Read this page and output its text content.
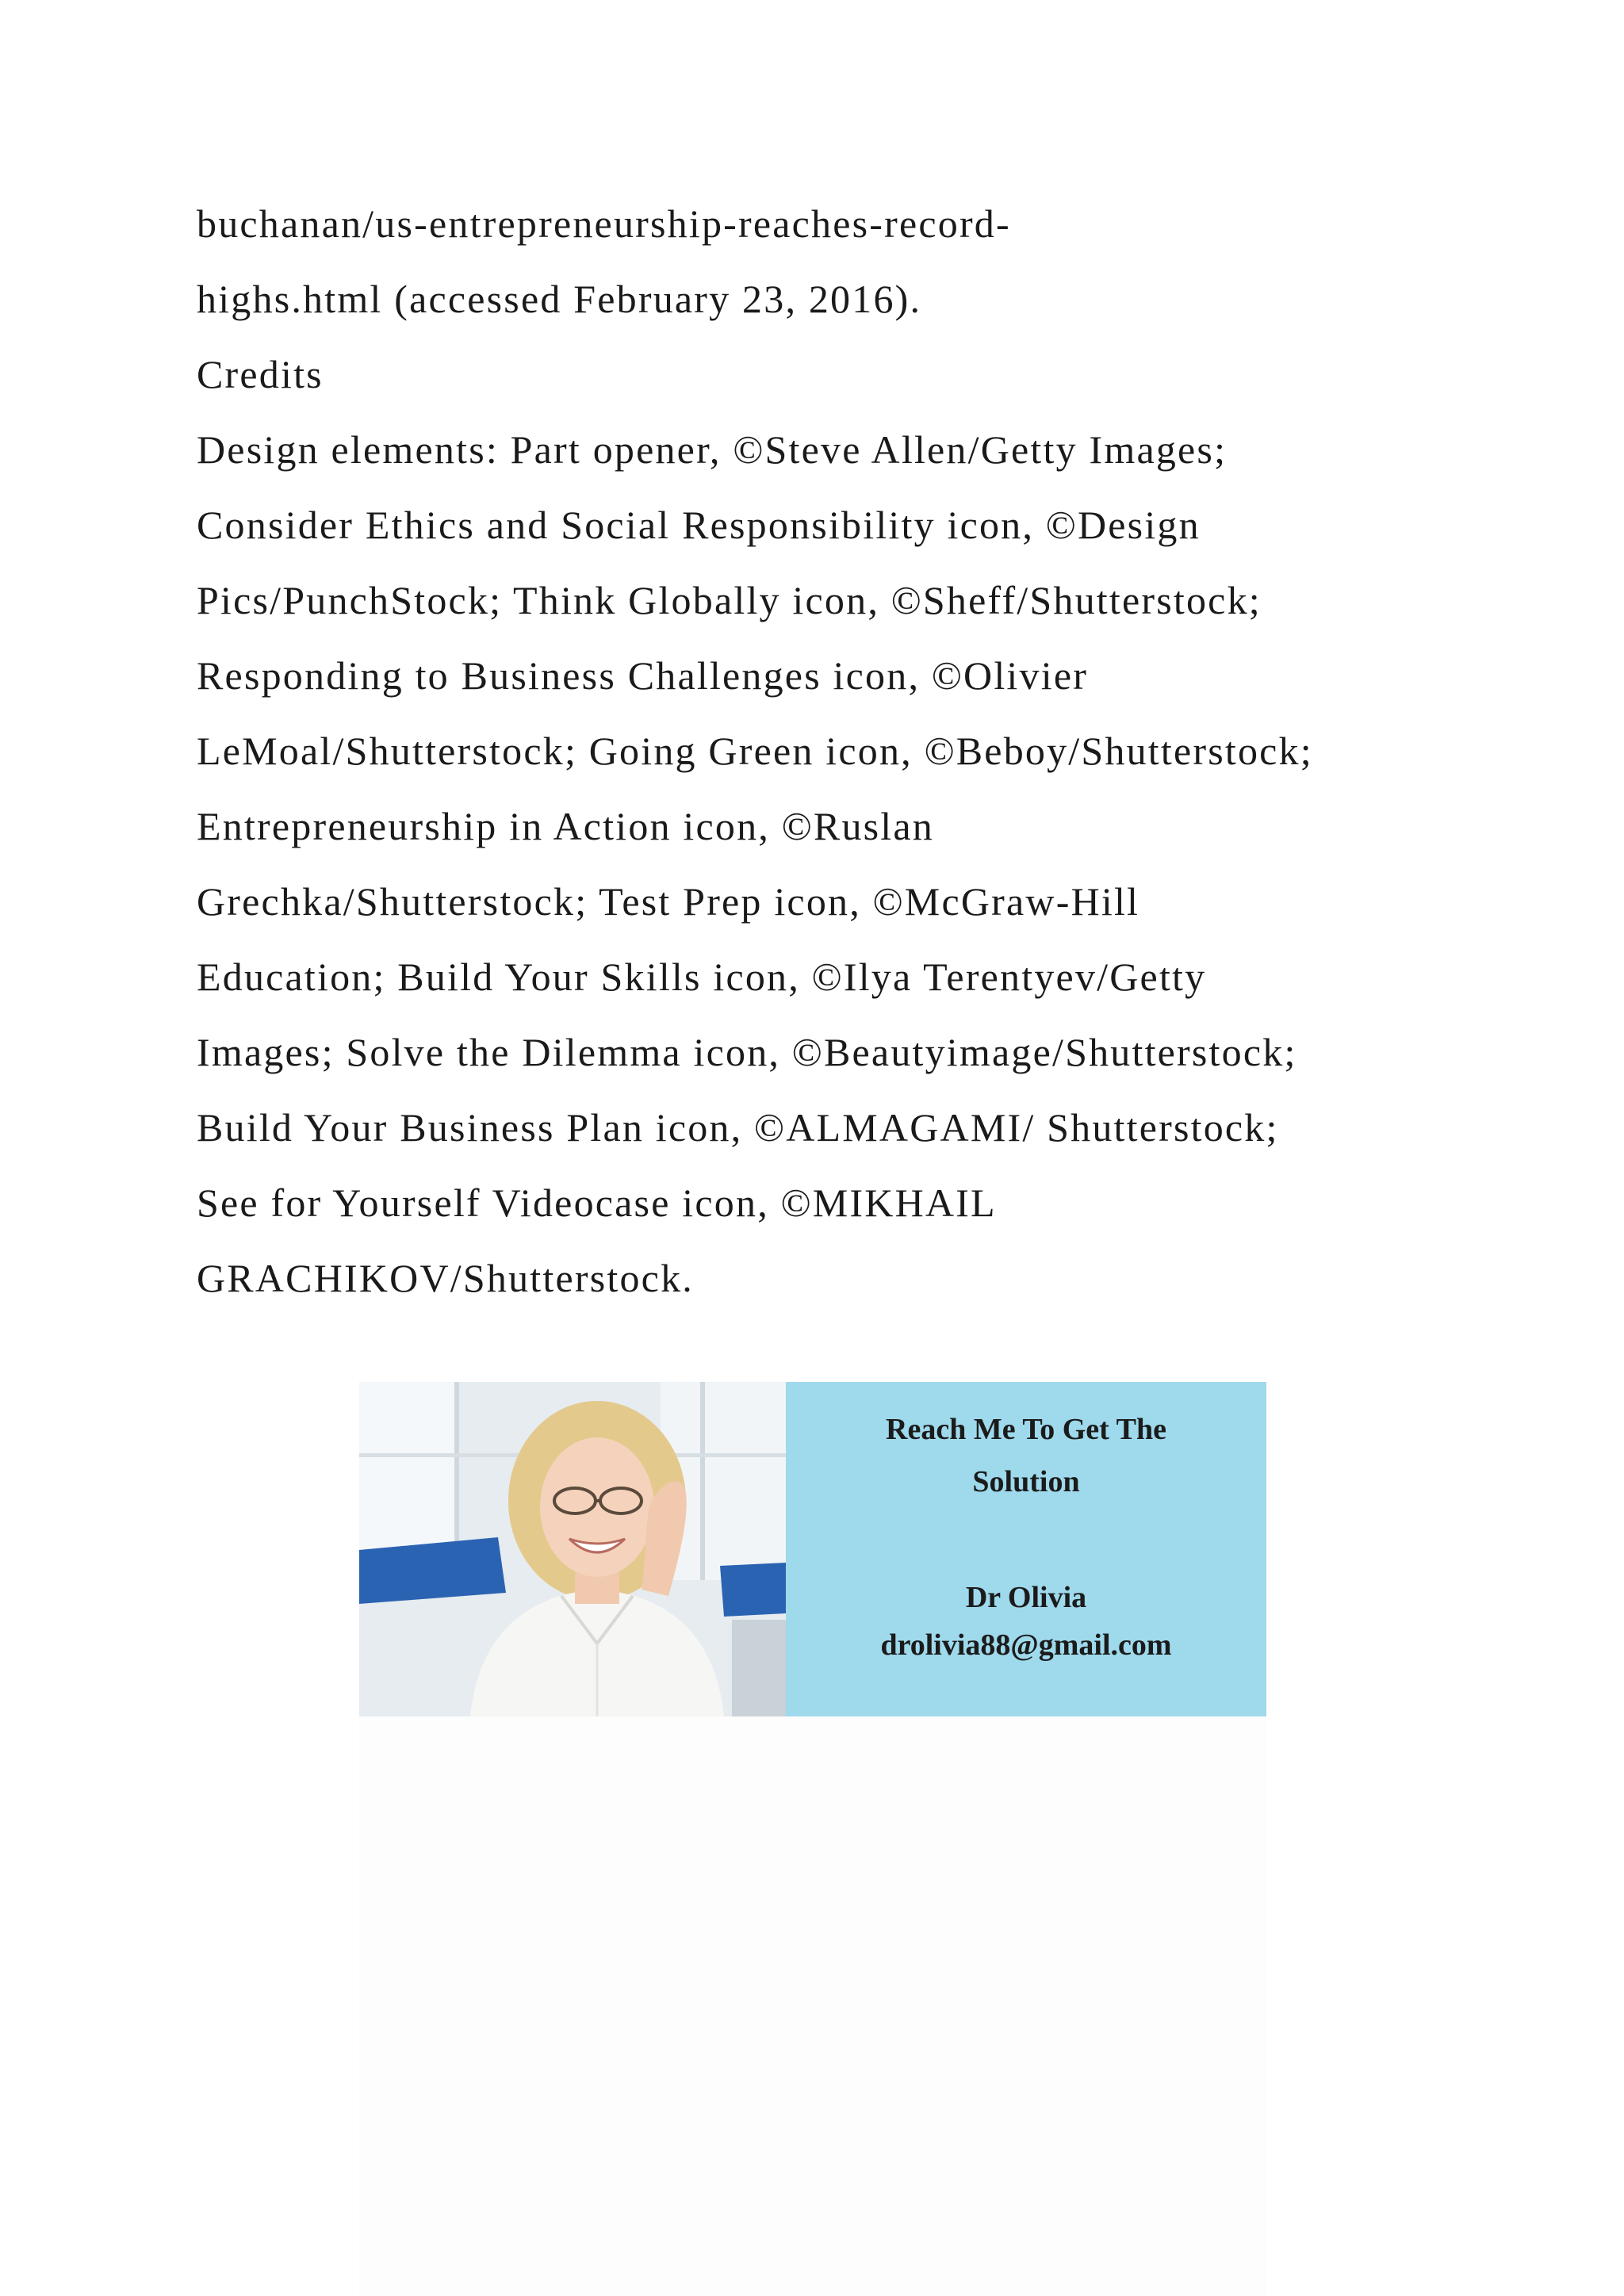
buchanan/us-entrepreneurship-reaches-record-
highs.html (accessed February 23, 2016).
Credits
Design elements: Part opener, ©Steve Allen/Getty Images;
Consider Ethics and Social Responsibility icon, ©Design
Pics/PunchStock; Think Globally icon, ©Sheff/Shutterstock;
Responding to Business Challenges icon, ©Olivier
LeMoal/Shutterstock; Going Green icon, ©Beboy/Shutterstock;
Entrepreneurship in Action icon, ©Ruslan
Grechka/Shutterstock; Test Prep icon, ©McGraw-Hill
Education; Build Your Skills icon, ©Ilya Terentyev/Getty
Images; Solve the Dilemma icon, ©Beautyimage/Shutterstock;
Build Your Business Plan icon, ©ALMAGAMI/ Shutterstock;
See for Yourself Videocase icon, ©MIKHAIL
GRACHIKOV/Shutterstock.
Reach Me To Get The
Solution
Dr Olivia
drolivia88@gmail.com
